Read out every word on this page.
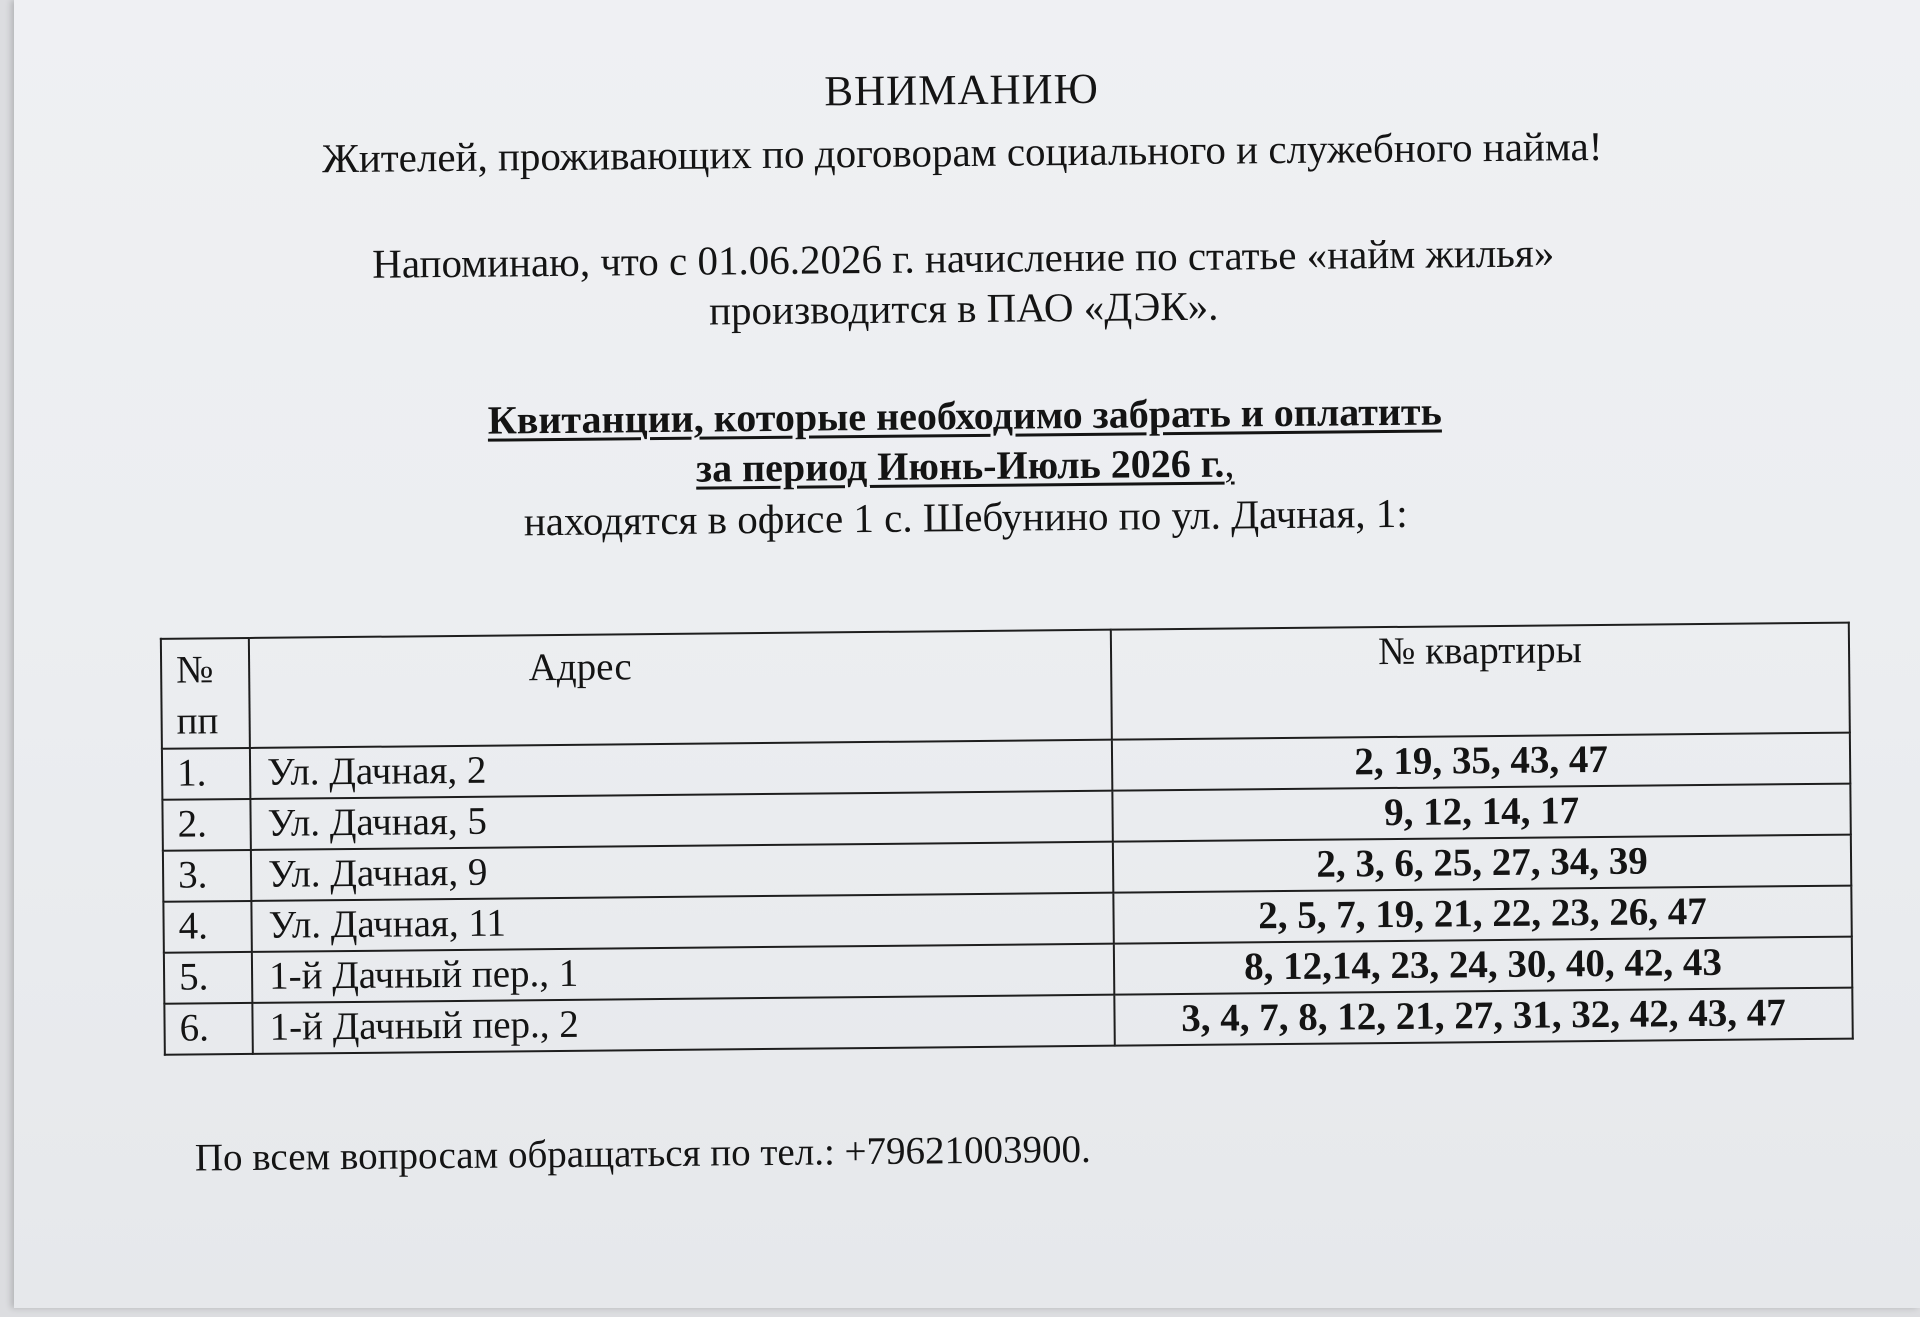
ВНИМАНИЮ
Жителей, проживающих по договорам социального и служебного найма!
Напоминаю, что с 01.06.2026 г. начисление по статье «найм жилья»
производится в ПАО «ДЭК».
Квитанции, которые необходимо забрать и оплатить
за период Июнь-Июль 2026 г.,
находятся в офисе 1 с. Шебунино по ул. Дачная, 1:
№ пп	Адрес	№ квартиры
1.	Ул. Дачная, 2	2, 19, 35, 43, 47
2.	Ул. Дачная, 5	9, 12, 14, 17
3.	Ул. Дачная, 9	2, 3, 6, 25, 27, 34, 39
4.	Ул. Дачная, 11	2, 5, 7, 19, 21, 22, 23, 26, 47
5.	1-й Дачный пер., 1	8, 12,14, 23, 24, 30, 40, 42, 43
6.	1-й Дачный пер., 2	3, 4, 7, 8, 12, 21, 27, 31, 32, 42, 43, 47
По всем вопросам обращаться по тел.: +79621003900.
